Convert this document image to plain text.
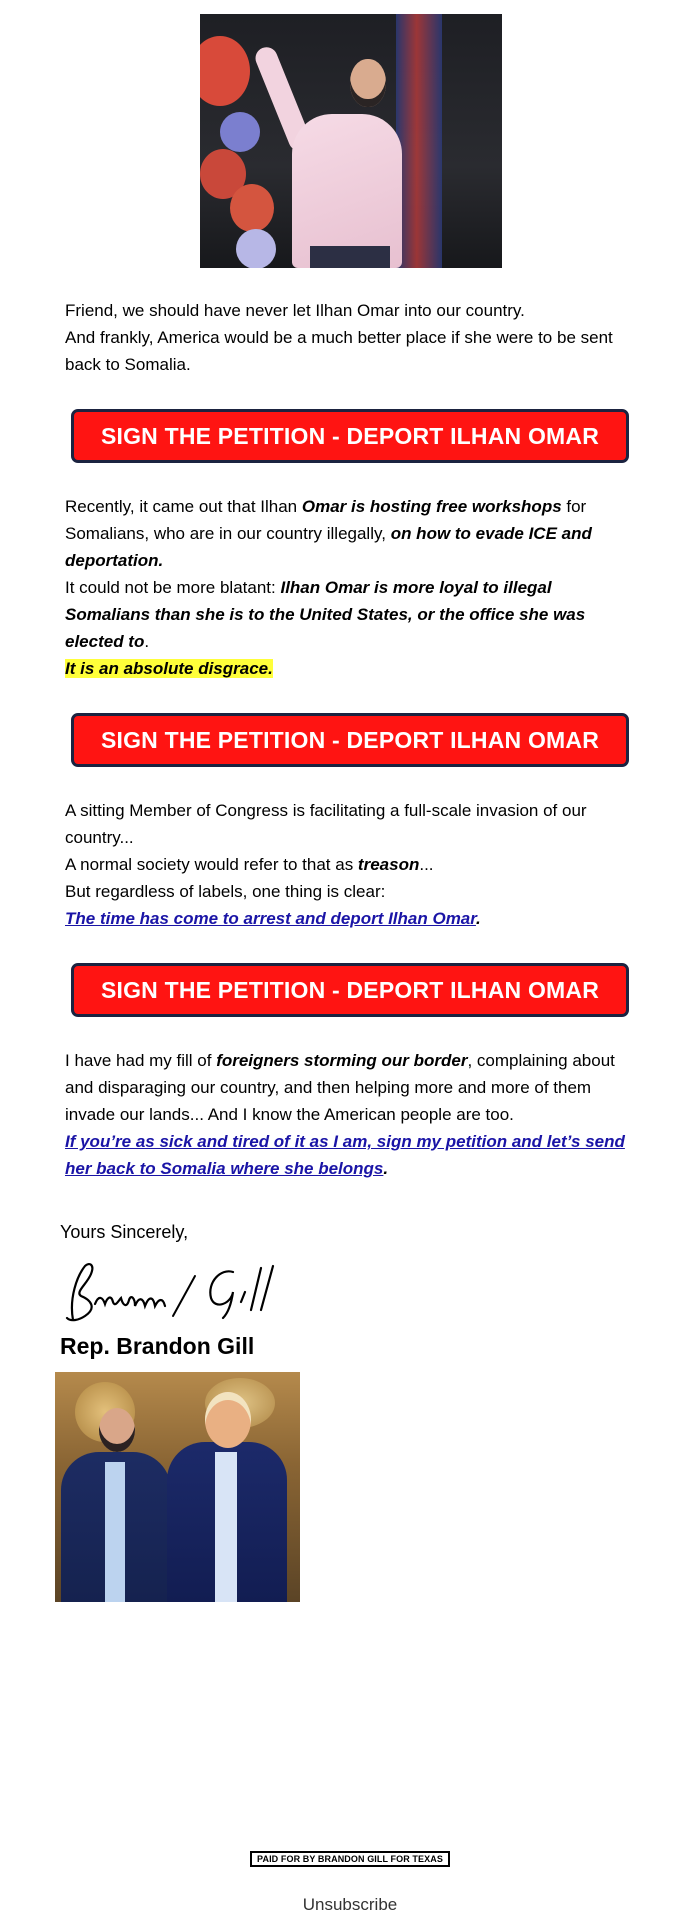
Friend, we should have never let Ilhan Omar into our country.
And frankly, America would be a much better place if she were to be sent back to Somalia.

SIGN THE PETITION - DEPORT ILHAN OMAR

Recently, it came out that Ilhan Omar is hosting free workshops for Somalians, who are in our country illegally, on how to evade ICE and deportation.
It could not be more blatant: Ilhan Omar is more loyal to illegal Somalians than she is to the United States, or the office she was elected to.
It is an absolute disgrace.

SIGN THE PETITION - DEPORT ILHAN OMAR

A sitting Member of Congress is facilitating a full-scale invasion of our country...
A normal society would refer to that as treason...
But regardless of labels, one thing is clear:
The time has come to arrest and deport Ilhan Omar.

SIGN THE PETITION - DEPORT ILHAN OMAR

I have had my fill of foreigners storming our border, complaining about and disparaging our country, and then helping more and more of them invade our lands... And I know the American people are too.
If you’re as sick and tired of it as I am, sign my petition and let’s send her back to Somalia where she belongs.

Yours Sincerely,

Rep. Brandon Gill

PAID FOR BY BRANDON GILL FOR TEXAS
Unsubscribe
